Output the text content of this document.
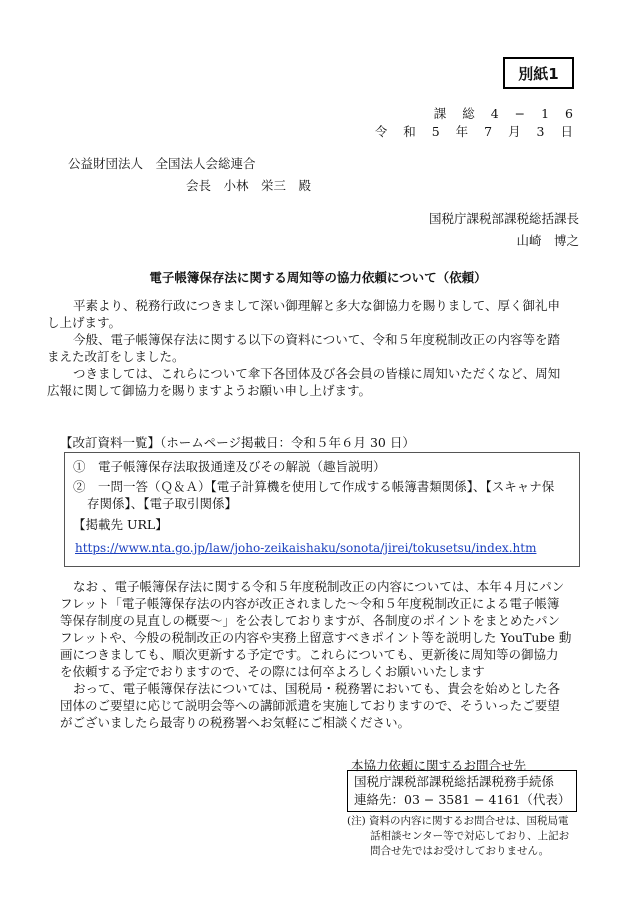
別紙1
課 総 4 − 1 6
令 和 5 年 7 月 3 日
公益財団法人　全国法人会総連合
会長　小林　栄三　殿
国税庁課税部課税総括課長
山崎　博之
電子帳簿保存法に関する周知等の協力依頼について（依頼）

平素より、税務行政につきまして深い御理解と多大な御協力を賜りまして、厚く御礼申
し上げます。

今般、電子帳簿保存法に関する以下の資料について、令和５年度税制改正の内容等を踏
まえた改訂をしました。

つきましては、これらについて傘下各団体及び各会員の皆様に周知いただくなど、周知
広報に関して御協力を賜りますようお願い申し上げます。

【改訂資料一覧】（ホームページ掲載日：令和５年６月 30 日）
①　電子帳簿保存法取扱通達及びその解説（趣旨説明）
②　一問一答（Ｑ＆Ａ）【電子計算機を使用して作成する帳簿書類関係】、【スキャナ保
存関係】、【電子取引関係】
【掲載先 URL】
https://www.nta.go.jp/law/joho-zeikaishaku/sonota/jirei/tokusetsu/index.htm
なお 、電子帳簿保存法に関する令和５年度税制改正の内容については、本年４月にパン
フレット「電子帳簿保存法の内容が改正されました〜令和５年度税制改正による電子帳簿
等保存制度の見直しの概要〜」を公表しておりますが、各制度のポイントをまとめたパン
フレットや、今般の税制改正の内容や実務上留意すべきポイント等を説明した YouTube 動
画につきましても、順次更新する予定です。これらについても、更新後に周知等の御協力
を依頼する予定でおりますので、その際には何卒よろしくお願いいたします
おって、電子帳簿保存法については、国税局・税務署においても、貴会を始めとした各
団体のご要望に応じて説明会等への講師派遣を実施しておりますので、そういったご要望
がございましたら最寄りの税務署へお気軽にご相談ください。
本協力依頼に関するお問合せ先
国税庁課税部課税総括課税務手続係
連絡先：03 − 3581 − 4161（代表）
(注) 資料の内容に関するお問合せは、国税局電
話相談センター等で対応しており、上記お
問合せ先ではお受けしておりません。
